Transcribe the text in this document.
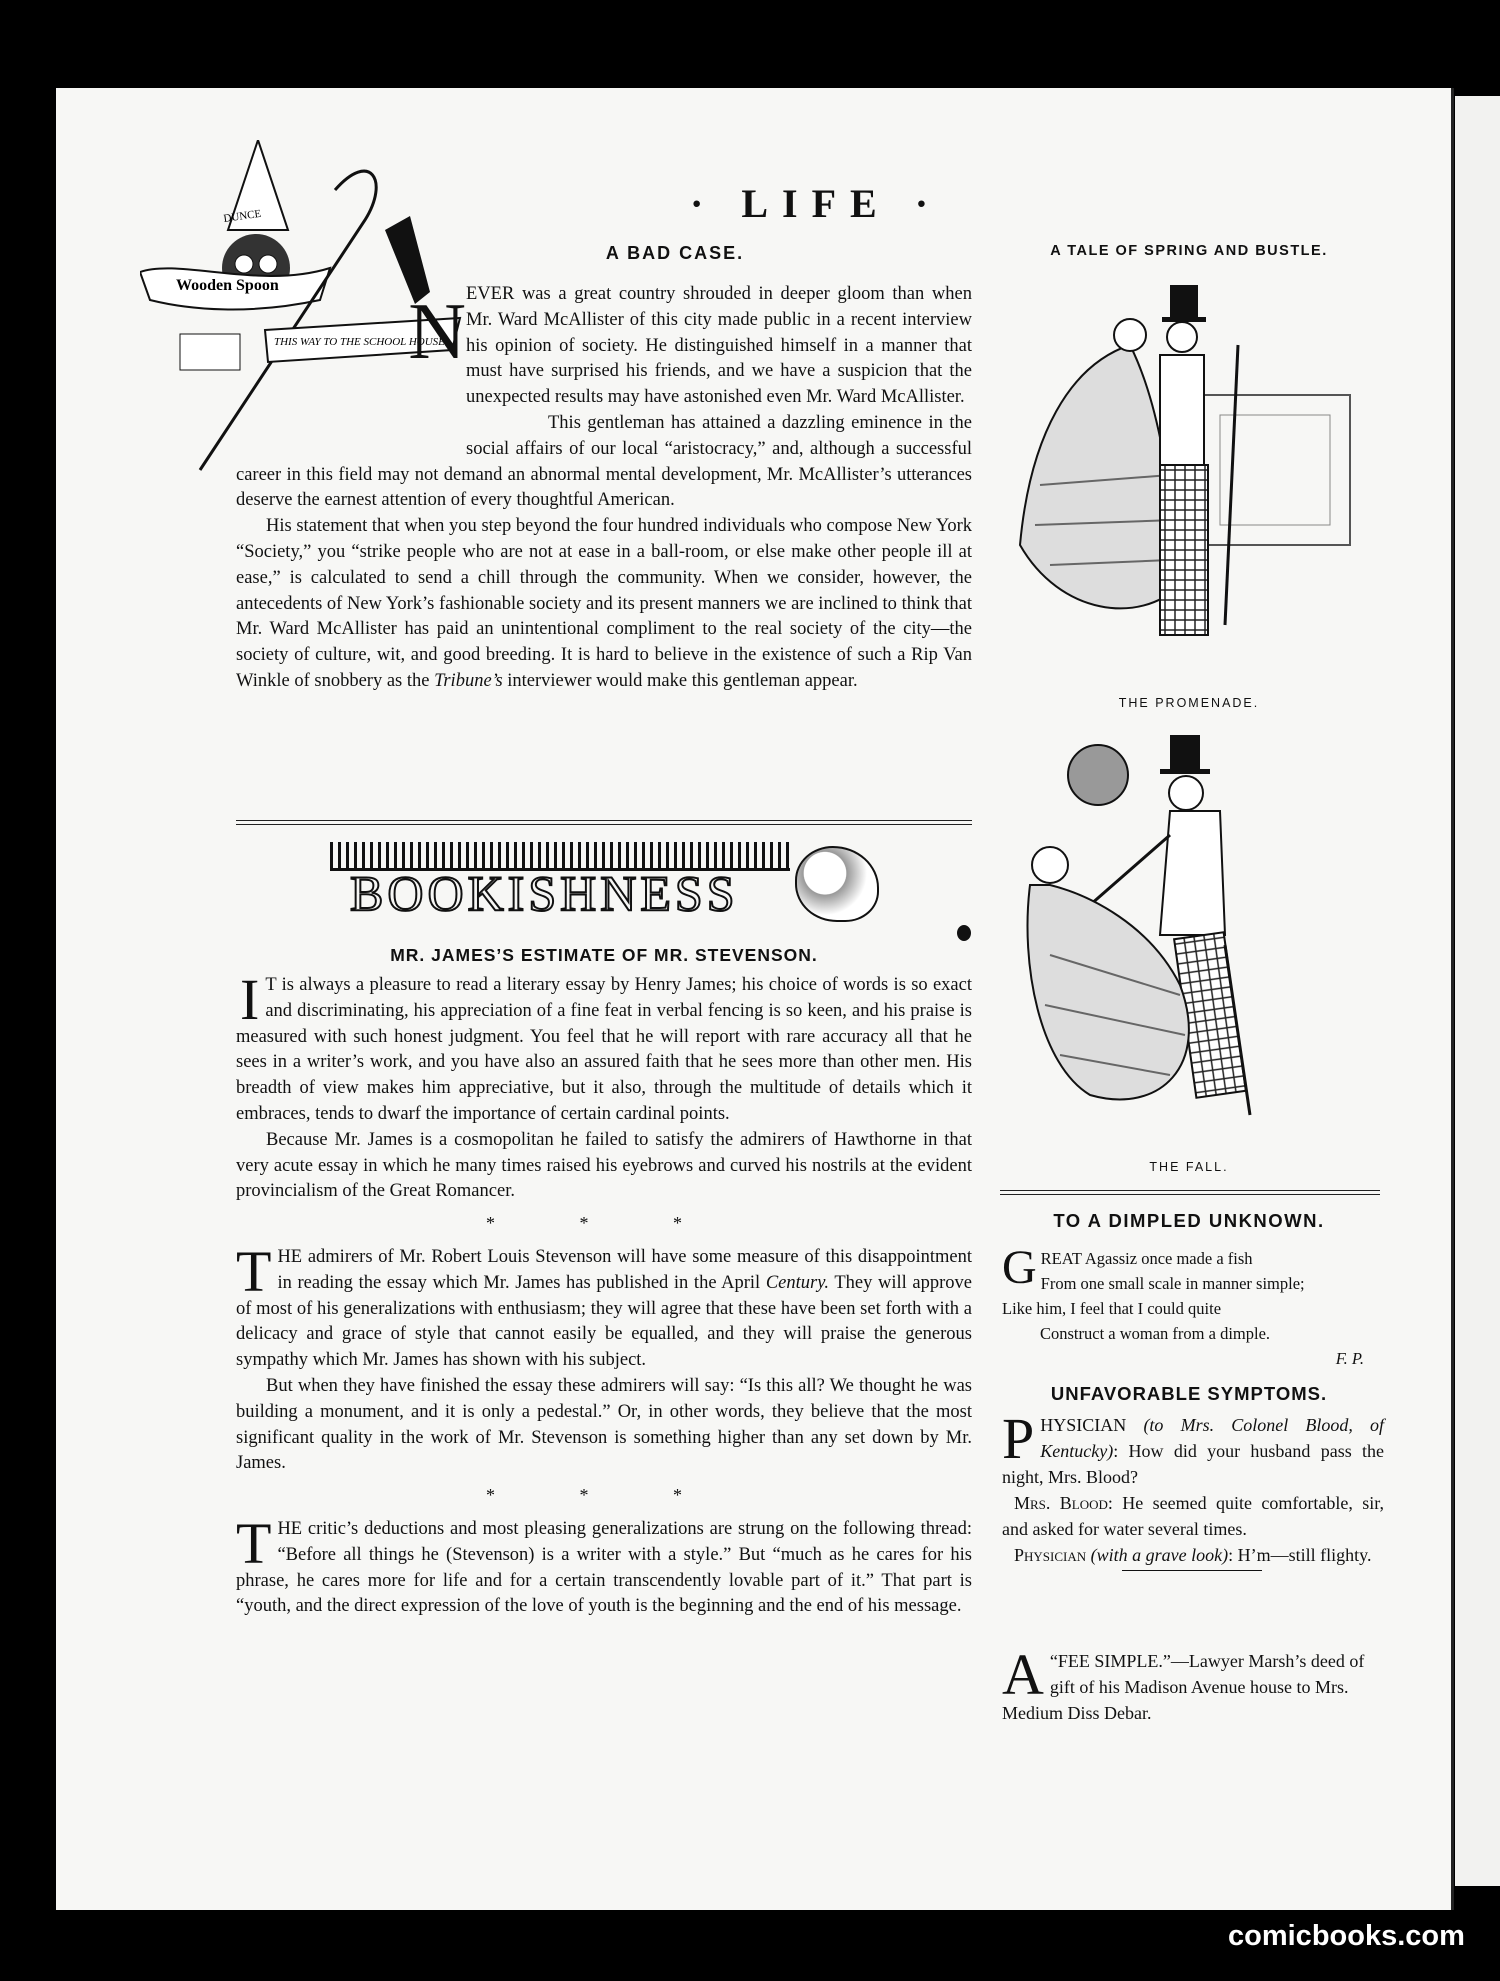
· LIFE ·
A BAD CASE.
DUNCE
Wooden Spoon
THIS WAY TO THE SCHOOL HOUSE
N EVER was a great country shrouded in deeper gloom than when Mr. Ward McAllister of this city made public in a recent interview his opinion of society. He distinguished himself in a manner that must have surprised his friends, and we have a suspicion that the unexpected results may have astonished even Mr. Ward McAllister.

This gentleman has attained a dazzling eminence in the social affairs of our local “aristocracy,” and, although a successful career in this field may not demand an abnormal mental development, Mr. McAllister’s utterances deserve the earnest attention of every thoughtful American.

His statement that when you step beyond the four hundred individuals who compose New York “Society,” you “strike people who are not at ease in a ball-room, or else make other people ill at ease,” is calculated to send a chill through the community. When we consider, however, the antecedents of New York’s fashionable society and its present manners we are inclined to think that Mr. Ward McAllister has paid an unintentional compliment to the real society of the city—the society of culture, wit, and good breeding. It is hard to believe in the existence of such a Rip Van Winkle of snobbery as the Tribune’s interviewer would make this gentleman appear.

BOOKISHNESS
MR. JAMES’S ESTIMATE OF MR. STEVENSON.
I T is always a pleasure to read a literary essay by Henry James; his choice of words is so exact and discriminating, his appreciation of a fine feat in verbal fencing is so keen, and his praise is measured with such honest judgment. You feel that he will report with rare accuracy all that he sees in a writer’s work, and you have also an assured faith that he sees more than other men. His breadth of view makes him appreciative, but it also, through the multitude of details which it embraces, tends to dwarf the importance of certain cardinal points.

Because Mr. James is a cosmopolitan he failed to satisfy the admirers of Hawthorne in that very acute essay in which he many times raised his eyebrows and curved his nostrils at the evident provincialism of the Great Romancer.

* * *
T HE admirers of Mr. Robert Louis Stevenson will have some measure of this disappointment in reading the essay which Mr. James has published in the April Century. They will approve of most of his generalizations with enthusiasm; they will agree that these have been set forth with a delicacy and grace of style that cannot easily be equalled, and they will praise the generous sympathy which Mr. James has shown with his subject.

But when they have finished the essay these admirers will say: “Is this all? We thought he was building a monument, and it is only a pedestal.” Or, in other words, they believe that the most significant quality in the work of Mr. Stevenson is something higher than any set down by Mr. James.

* * *
T HE critic’s deductions and most pleasing generalizations are strung on the following thread: “Before all things he (Stevenson) is a writer with a style.” But “much as he cares for his phrase, he cares more for life and for a certain transcendently lovable part of it.” That part is “youth, and the direct expression of the love of youth is the beginning and the end of his message.

A TALE OF SPRING AND BUSTLE.
THE PROMENADE.
THE FALL.
TO A DIMPLED UNKNOWN.
G REAT Agassiz once made a fish
From one small scale in manner simple;
Like him, I feel that I could quite
Construct a woman from a dimple.
F. P.
UNFAVORABLE SYMPTOMS.
P HYSICIAN (to Mrs. Colonel Blood, of Kentucky): How did your husband pass the night, Mrs. Blood?

Mrs. Blood: He seemed quite comfortable, sir, and asked for water several times.

Physician (with a grave look): H’m—still flighty.

A “FEE SIMPLE.”—Lawyer Marsh’s deed of gift of his Madison Avenue house to Mrs. Medium Diss Debar.

comicbooks.com
